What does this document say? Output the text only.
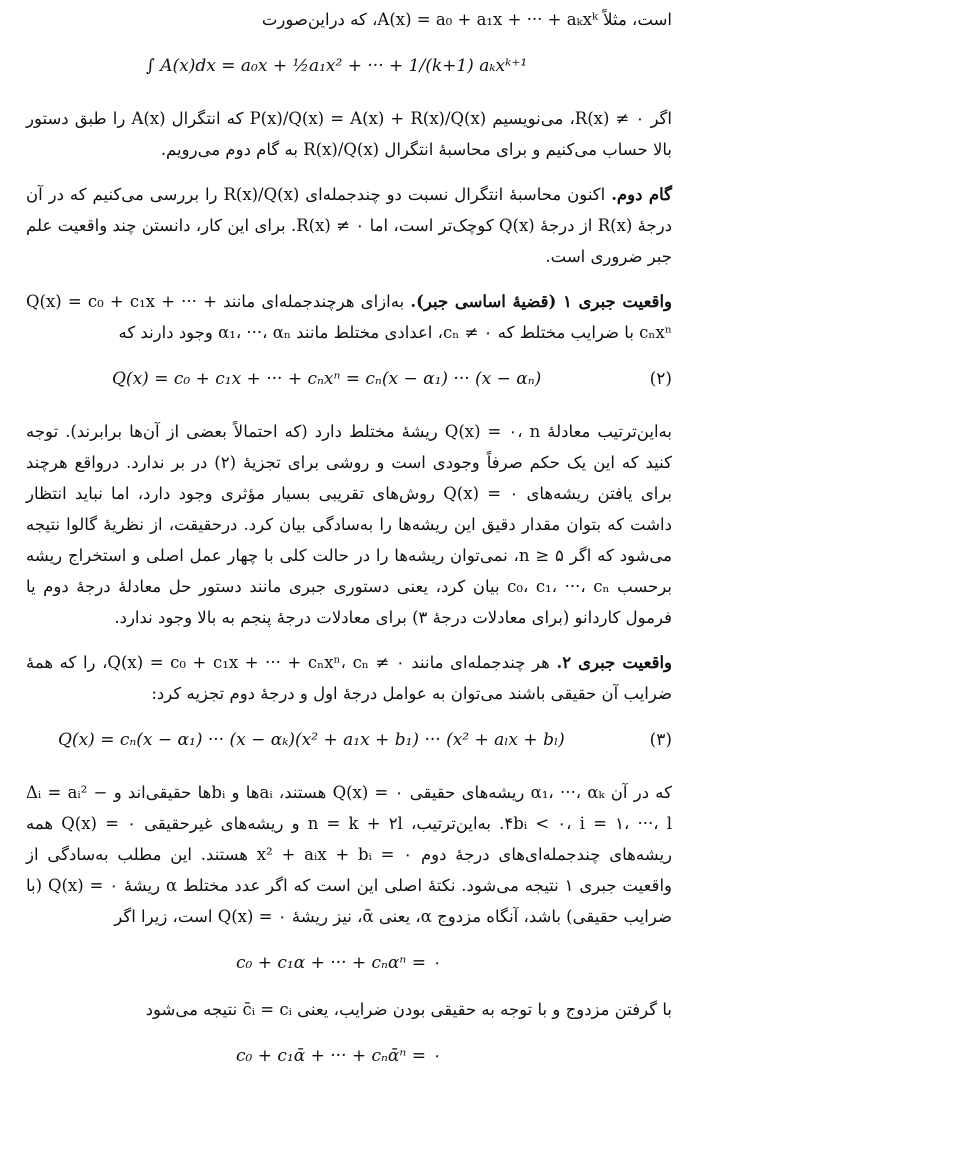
است، مثلاً A(x) = a₀ + a₁x + ··· + aₖxᵏ، که دراین‌صورت

∫ A(x)dx = a₀x + ½a₁x² + ··· + 1/(k+1) aₖxᵏ⁺¹

اگر R(x) ≠ ۰، می‌نویسیم P(x)/Q(x) = A(x) + R(x)/Q(x) که انتگرال A(x) را طبق دستور بالا حساب می‌کنیم و برای محاسبهٔ انتگرال R(x)/Q(x) به گام دوم می‌رویم.

گام دوم. اکنون محاسبهٔ انتگرال نسبت دو چندجمله‌ای R(x)/Q(x) را بررسی می‌کنیم که در آن درجهٔ R(x) از درجهٔ Q(x) کوچک‌تر است، اما R(x) ≠ ۰. برای این کار، دانستن چند واقعیت علم جبر ضروری است.

واقعیت جبری ۱ (قضیهٔ اساسی جبر). به‌ازای هرچندجمله‌ای مانند Q(x) = c₀ + c₁x + ··· + cₙxⁿ با ضرایب مختلط که cₙ ≠ ۰، اعدادی مختلط مانند α₁، ···، αₙ وجود دارند که

Q(x) = c₀ + c₁x + ··· + cₙxⁿ = cₙ(x − α₁) ··· (x − αₙ)	(۲)

به‌این‌ترتیب معادلهٔ Q(x) = ۰، n ریشهٔ مختلط دارد (که احتمالاً بعضی از آن‌ها برابرند). توجه کنید که این یک حکم صرفاً وجودی است و روشی برای تجزیهٔ (۲) در بر ندارد. درواقع هرچند برای یافتن ریشه‌های Q(x) = ۰ روش‌های تقریبی بسیار مؤثری وجود دارد، اما نباید انتظار داشت که بتوان مقدار دقیق این ریشه‌ها را به‌سادگی بیان کرد. درحقیقت، از نظریهٔ گالوا نتیجه می‌شود که اگر n ≥ ۵، نمی‌توان ریشه‌ها را در حالت کلی با چهار عمل اصلی و استخراج ریشه برحسب c₀، c₁، ···، cₙ بیان کرد، یعنی دستوری جبری مانند دستور حل معادلهٔ درجهٔ دوم یا فرمول کاردانو (برای معادلات درجهٔ ۳) برای معادلات درجهٔ پنجم به بالا وجود ندارد.

واقعیت جبری ۲. هر چندجمله‌ای مانند Q(x) = c₀ + c₁x + ··· + cₙxⁿ، cₙ ≠ ۰، را که همهٔ ضرایب آن حقیقی باشند می‌توان به عوامل درجهٔ اول و درجهٔ دوم تجزیه کرد:

Q(x) = cₙ(x − α₁) ··· (x − αₖ)(x² + a₁x + b₁) ··· (x² + aₗx + bₗ)	(۳)

که در آن α₁، ···، αₖ ریشه‌های حقیقی Q(x) = ۰ هستند، aᵢها و bᵢها حقیقی‌اند و Δᵢ = aᵢ² − ۴bᵢ < ۰، i = ۱، ···، l. به‌این‌ترتیب، n = k + ۲l و ریشه‌های غیرحقیقی Q(x) = ۰ همه ریشه‌های چندجمله‌ای‌های درجهٔ دوم x² + aᵢx + bᵢ = ۰ هستند. این مطلب به‌سادگی از واقعیت جبری ۱ نتیجه می‌شود. نکتهٔ اصلی این است که اگر عدد مختلط α ریشهٔ Q(x) = ۰ (با ضرایب حقیقی) باشد، آنگاه مزدوج α، یعنی ᾱ، نیز ریشهٔ Q(x) = ۰ است، زیرا اگر

c₀ + c₁α + ··· + cₙαⁿ = ۰

با گرفتن مزدوج و با توجه به حقیقی بودن ضرایب، یعنی c̄ᵢ = cᵢ نتیجه می‌شود

c₀ + c₁ᾱ + ··· + cₙᾱⁿ = ۰
